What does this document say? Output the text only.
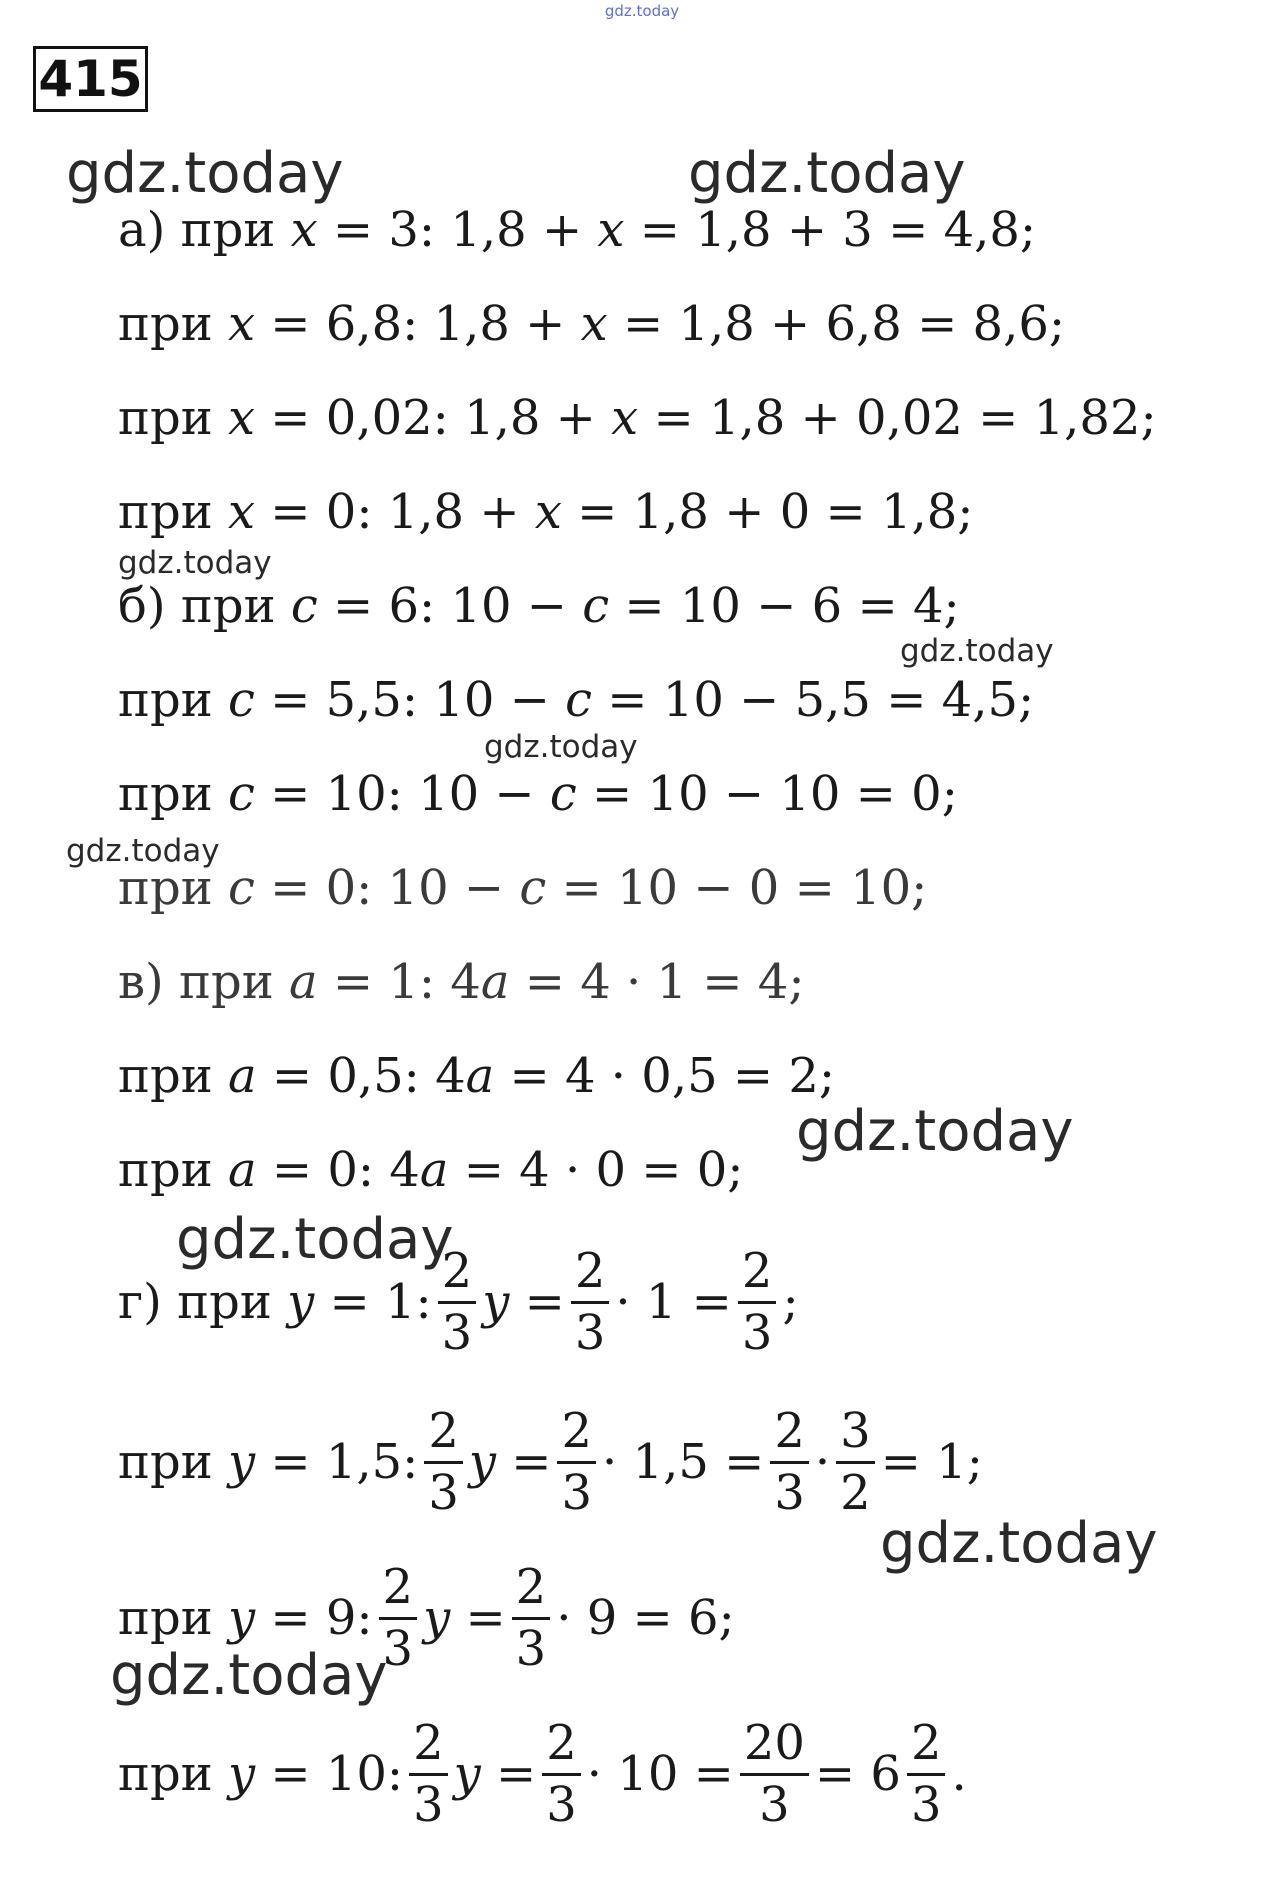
gdz.today
415
gdz.today	gdz.today
gdz.today
gdz.today
gdz.today
gdz.today
gdz.today
gdz.today
gdz.today
gdz.today
а) при 𝑥 = 3: 1,8 + 𝑥 = 1,8 + 3 = 4,8;
при 𝑥 = 6,8: 1,8 + 𝑥 = 1,8 + 6,8 = 8,6;
при 𝑥 = 0,02: 1,8 + 𝑥 = 1,8 + 0,02 = 1,82;
при 𝑥 = 0: 1,8 + 𝑥 = 1,8 + 0 = 1,8;
б) при 𝑐 = 6: 10 − 𝑐 = 10 − 6 = 4;
при 𝑐 = 5,5: 10 − 𝑐 = 10 − 5,5 = 4,5;
при 𝑐 = 10: 10 − 𝑐 = 10 − 10 = 0;
при 𝑐 = 0: 10 − 𝑐 = 10 − 0 = 10;
в) при 𝑎 = 1: 4𝑎 = 4 · 1 = 4;
при 𝑎 = 0,5: 4𝑎 = 4 · 0,5 = 2;
при 𝑎 = 0: 4𝑎 = 4 · 0 = 0;
г) при 𝑦 = 1: $\frac{2}{3}$ 𝑦 = $\frac{2}{3} \cdot 1 = \frac{2}{3}$ ;
при 𝑦 = 1,5: $\frac{2}{3}$ 𝑦 = $\frac{2}{3} \cdot 1,5 = \frac{2}{3} \cdot \frac{3}{2} = 1$;
при 𝑦 = 9: $\frac{2}{3}$ 𝑦 = $\frac{2}{3} \cdot 9 = 6$;
при 𝑦 = 10: $\frac{2}{3}$ 𝑦 = $\frac{2}{3} \cdot 10 = \frac{20}{3} = 6 \frac{2}{3}$ .
